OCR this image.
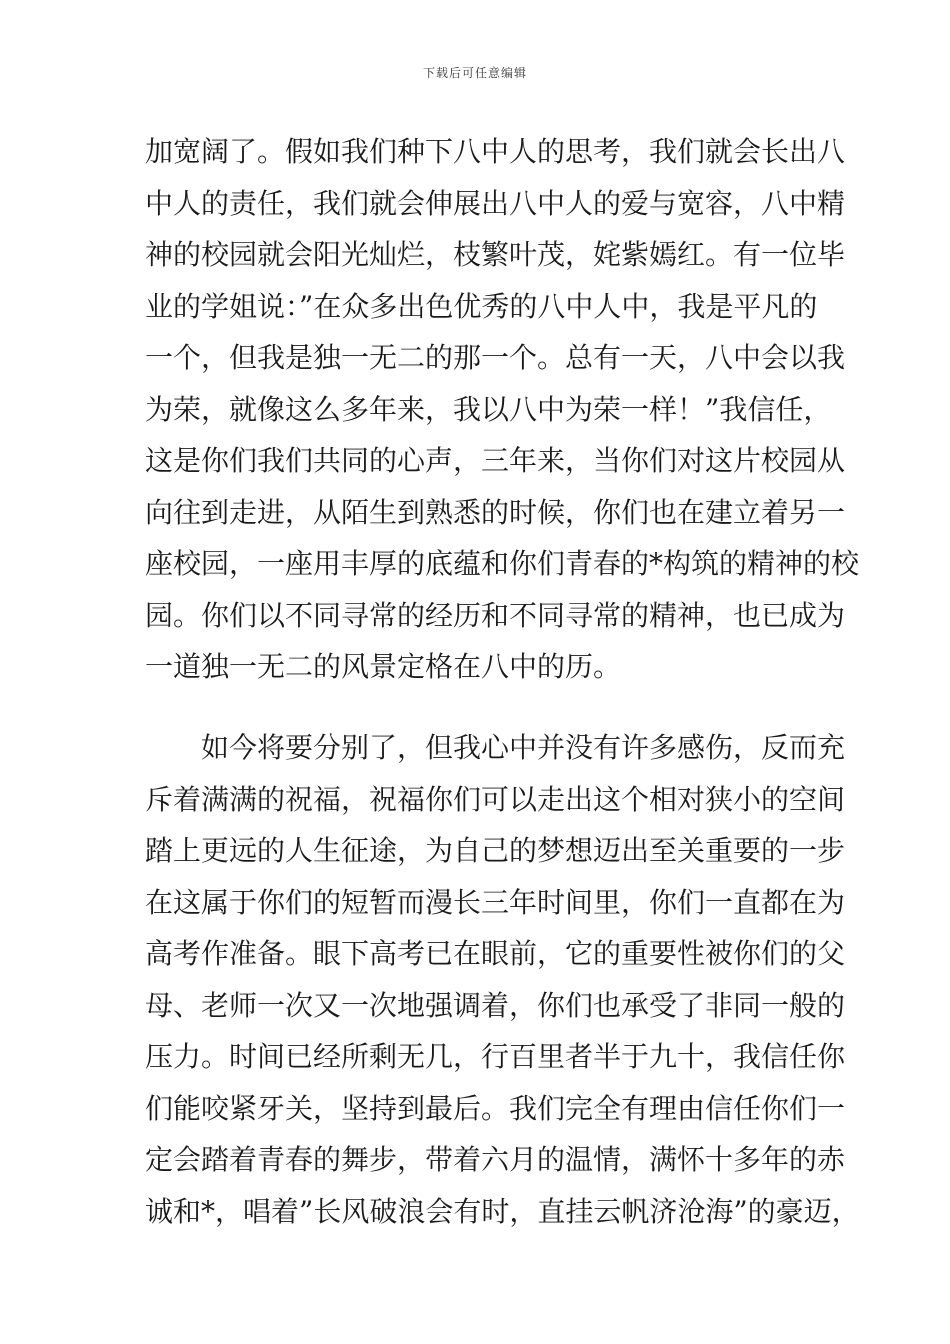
下载后可任意编辑
加宽阔了。假如我们种下八中人的思考，我们就会长出八
中人的责任，我们就会伸展出八中人的爱与宽容，八中精
神的校园就会阳光灿烂，枝繁叶茂，姹紫嫣红。有一位毕
业的学姐说：”在众多出色优秀的八中人中，我是平凡的
一个，但我是独一无二的那一个。总有一天，八中会以我
为荣，就像这么多年来，我以八中为荣一样！”我信任，
这是你们我们共同的心声，三年来，当你们对这片校园从
向往到走进，从陌生到熟悉的时候，你们也在建立着另一
座校园，一座用丰厚的底蕴和你们青春的*构筑的精神的校
园。你们以不同寻常的经历和不同寻常的精神，也已成为
一道独一无二的风景定格在八中的历。
如今将要分别了，但我心中并没有许多感伤，反而充
斥着满满的祝福，祝福你们可以走出这个相对狭小的空间
踏上更远的人生征途，为自己的梦想迈出至关重要的一步
在这属于你们的短暂而漫长三年时间里，你们一直都在为
高考作准备。眼下高考已在眼前，它的重要性被你们的父
母、老师一次又一次地强调着，你们也承受了非同一般的
压力。时间已经所剩无几，行百里者半于九十，我信任你
们能咬紧牙关，坚持到最后。我们完全有理由信任你们一
定会踏着青春的舞步，带着六月的温情，满怀十多年的赤
诚和*，唱着”长风破浪会有时，直挂云帆济沧海”的豪迈，
